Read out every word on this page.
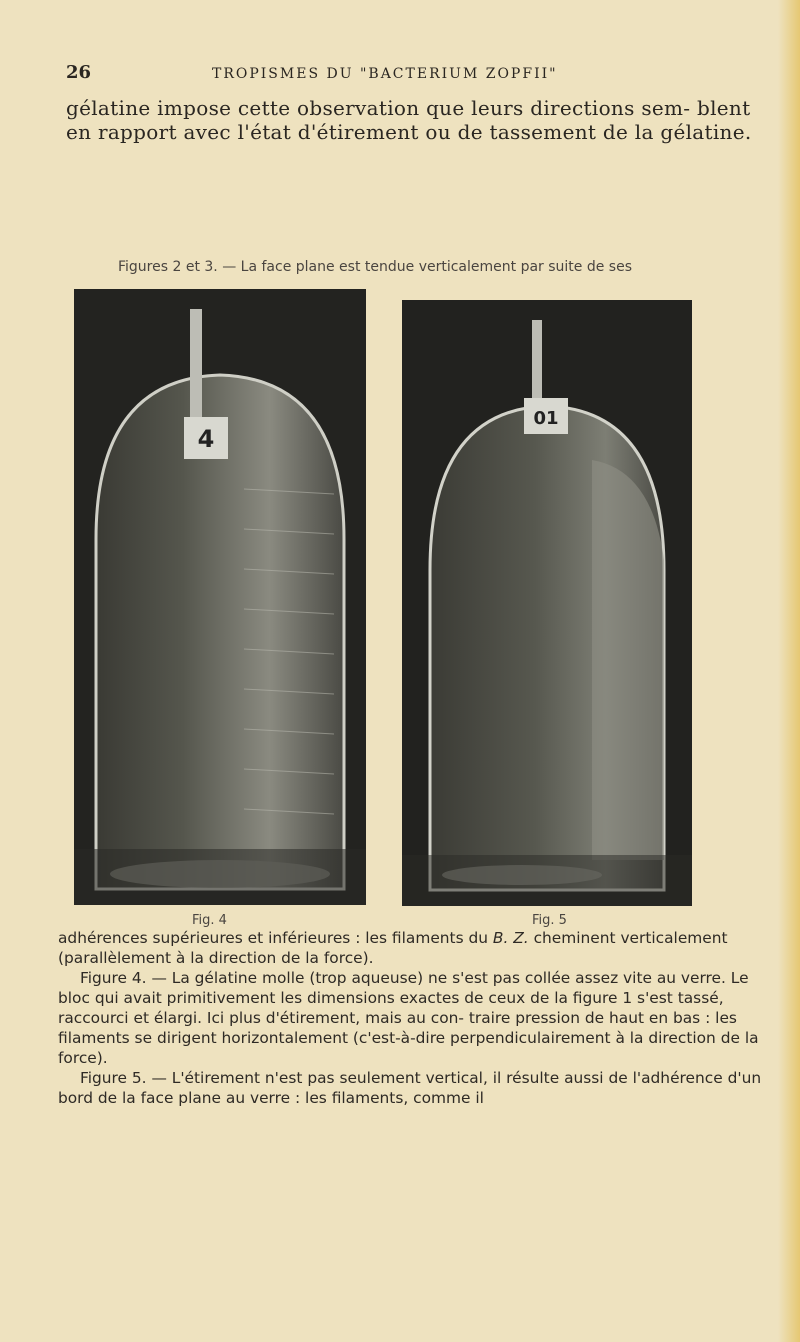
26	TROPISMES DU "BACTERIUM ZOPFII"
gélatine impose cette observation que leurs directions sem- blent en rapport avec l'état d'étirement ou de tassement de la gélatine.
Figures 2 et 3. — La face plane est tendue verticalement par suite de ses
4
01
Fig. 4	Fig. 5

adhérences supérieures et inférieures : les filaments du B. Z. cheminent verticalement (parallèlement à la direction de la force).

Figure 4. — La gélatine molle (trop aqueuse) ne s'est pas collée assez vite au verre. Le bloc qui avait primitivement les dimensions exactes de ceux de la figure 1 s'est tassé, raccourci et élargi. Ici plus d'étirement, mais au con- traire pression de haut en bas : les filaments se dirigent horizontalement (c'est-à-dire perpendiculairement à la direction de la force).

Figure 5. — L'étirement n'est pas seulement vertical, il résulte aussi de l'adhérence d'un bord de la face plane au verre : les filaments, comme il
